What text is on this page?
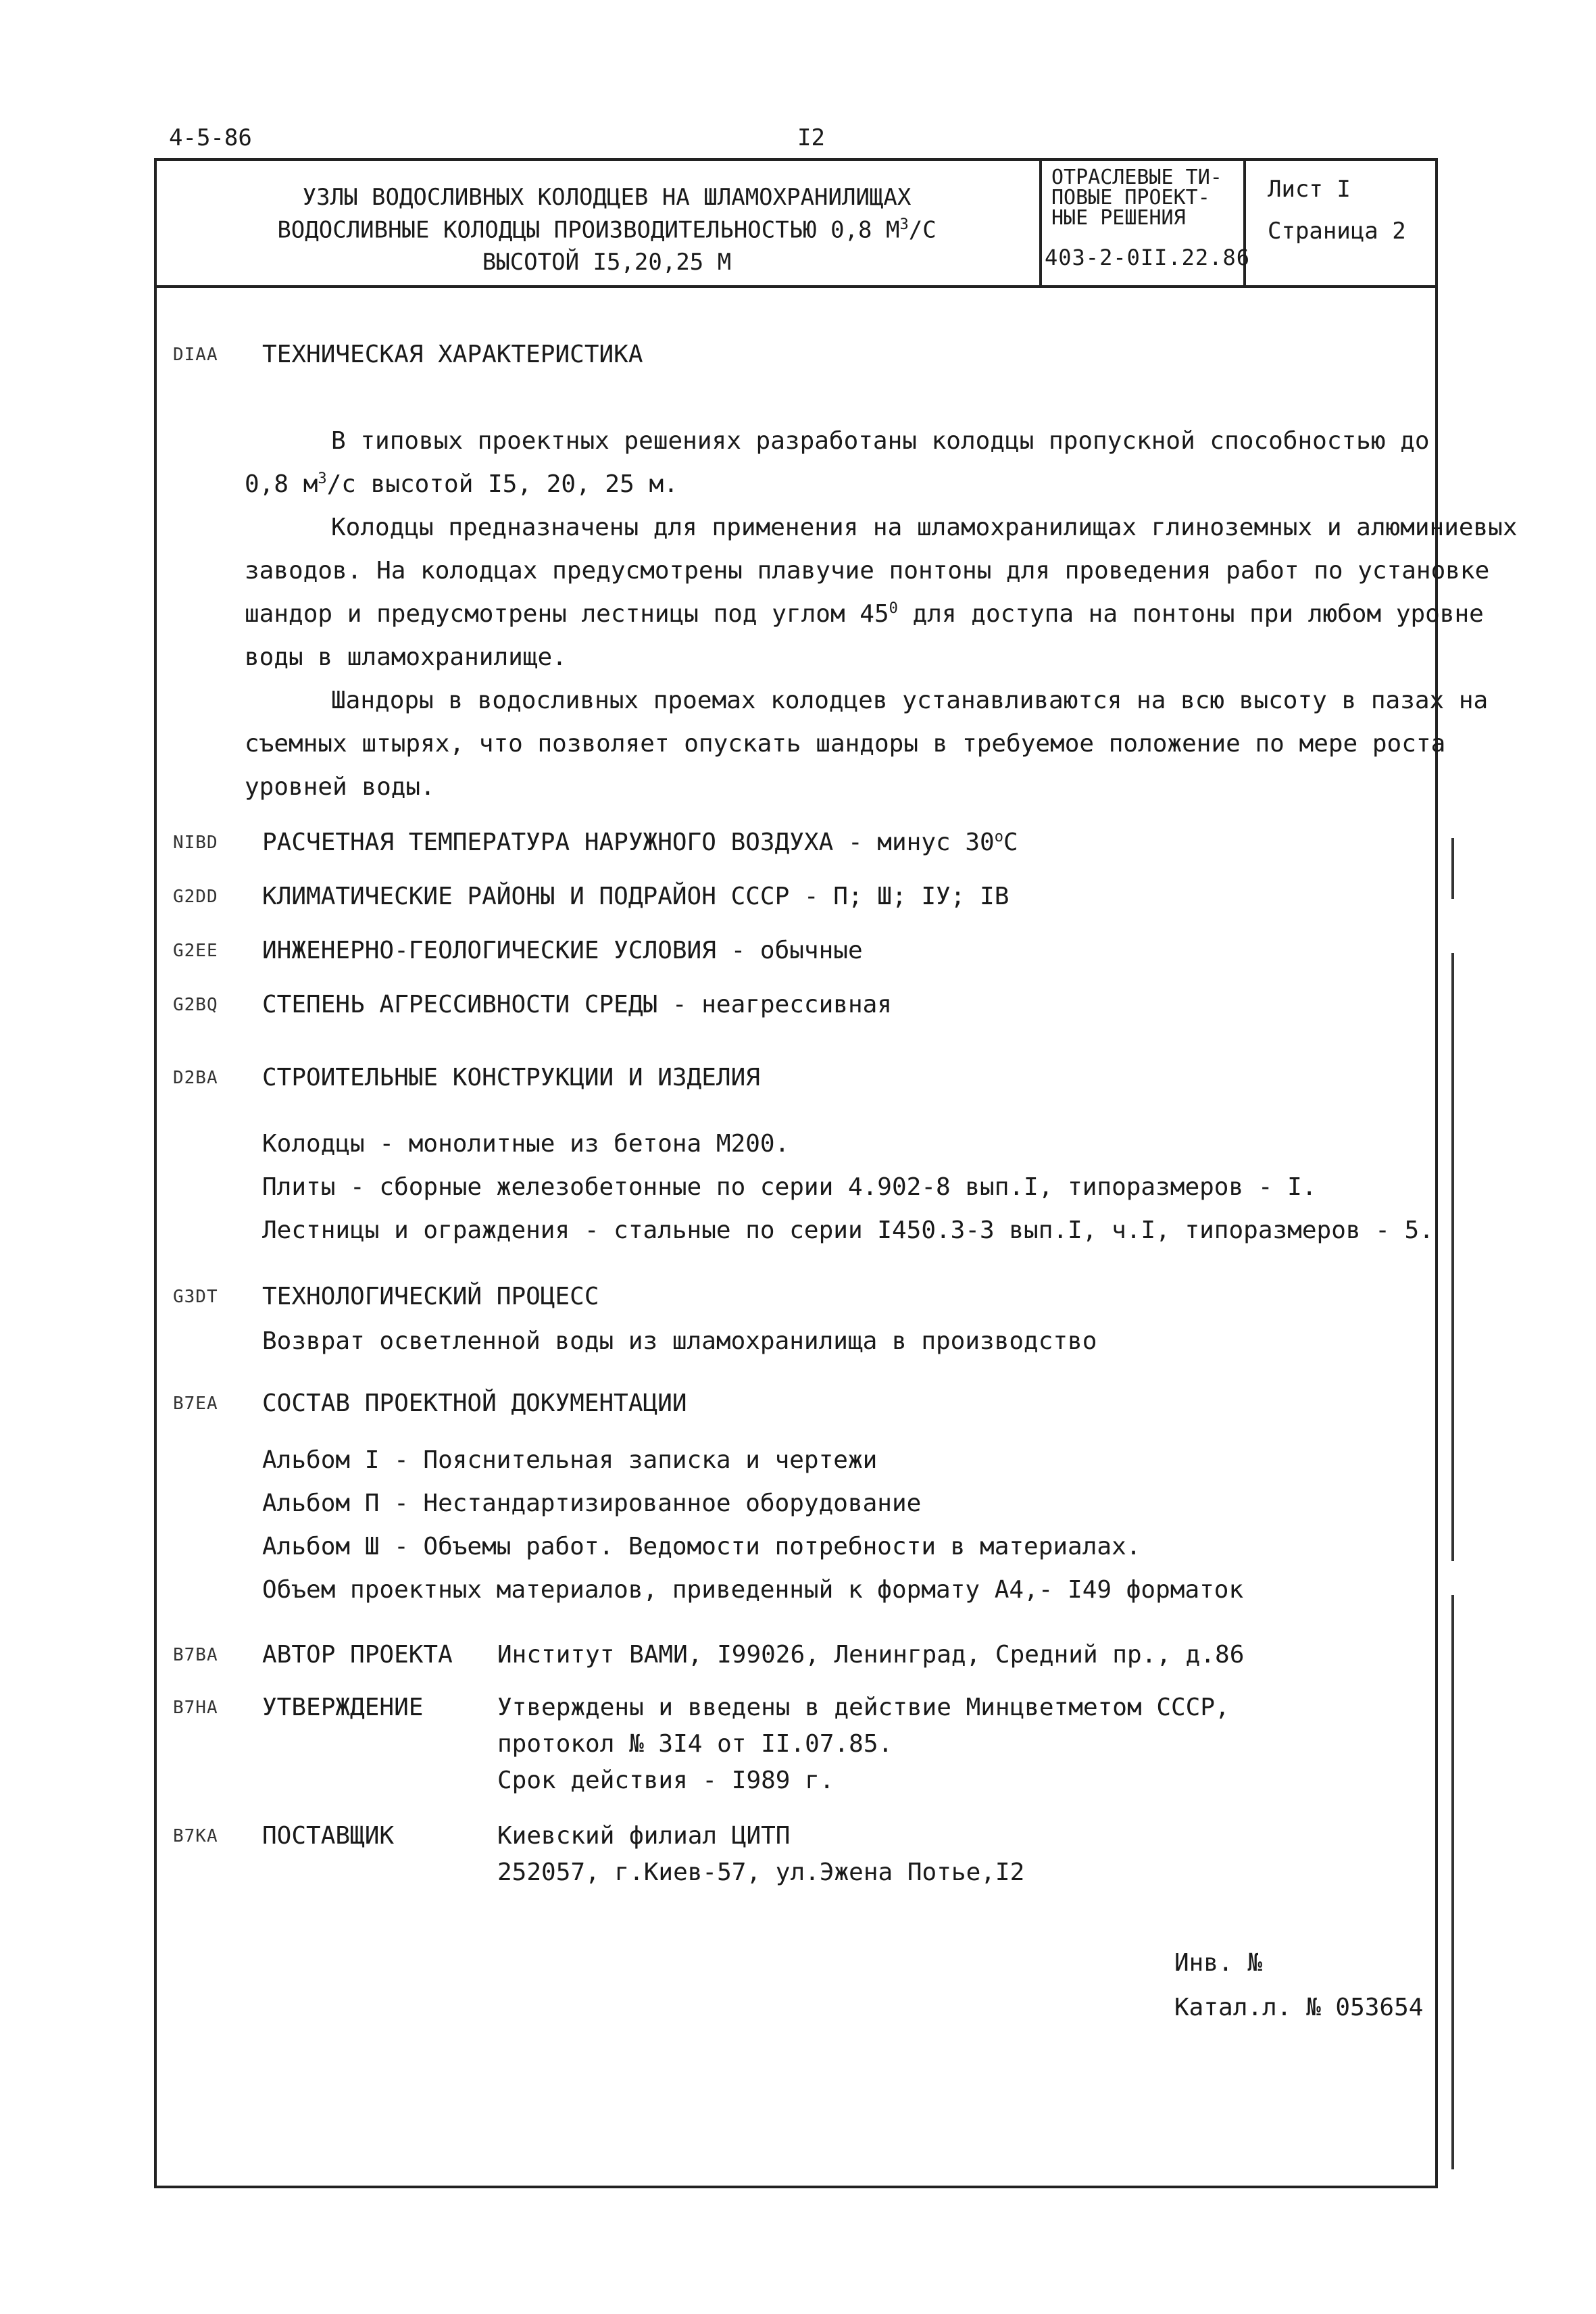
4-5-86	I2
УЗЛЫ ВОДОСЛИВНЫХ КОЛОДЦЕВ НА ШЛАМОХРАНИЛИЩАХ
ВОДОСЛИВНЫЕ КОЛОДЦЫ ПРОИЗВОДИТЕЛЬНОСТЬЮ 0,8 $М^3/С$
ВЫСОТОЙ I5,20,25 М
ОТРАСЛЕВЫЕ ТИ-
ПОВЫЕ ПРОЕКТ-
НЫЕ РЕШЕНИЯ
403-2-0II.22.86
Лист I
Страница 2
DIAA ТЕХНИЧЕСКАЯ ХАРАКТЕРИСТИКА
В типовых проектных решениях разработаны колодцы пропускной способностью до
0,8 $м^3/с$ высотой I5, 20, 25 м.
Колодцы предназначены для применения на шламохранилищах глиноземных и алюминиевых
заводов. На колодцах предусмотрены плавучие понтоны для проведения работ по установке
шандор и предусмотрены лестницы под углом $45^0$ для доступа на понтоны при любом уровне
воды в шламохранилище.
Шандоры в водосливных проемах колодцев устанавливаются на всю высоту в пазах на
съемных штырях, что позволяет опускать шандоры в требуемое положение по мере роста
уровней воды.
NIBD РАСЧЕТНАЯ ТЕМПЕРАТУРА НАРУЖНОГО ВОЗДУХА - минус $30^оС$
G2DD КЛИМАТИЧЕСКИЕ РАЙОНЫ И ПОДРАЙОН СССР - П; Ш; IУ; IВ
G2EE ИНЖЕНЕРНО-ГЕОЛОГИЧЕСКИЕ УСЛОВИЯ - обычные
G2BQ СТЕПЕНЬ АГРЕССИВНОСТИ СРЕДЫ - неагрессивная
D2BA СТРОИТЕЛЬНЫЕ КОНСТРУКЦИИ И ИЗДЕЛИЯ
Колодцы - монолитные из бетона М200.
Плиты - сборные железобетонные по серии 4.902-8 вып.I, типоразмеров - I.
Лестницы и ограждения - стальные по серии I450.3-3 вып.I, ч.I, типоразмеров - 5.
G3DT ТЕХНОЛОГИЧЕСКИЙ ПРОЦЕСС
Возврат осветленной воды из шламохранилища в производство
B7EA СОСТАВ ПРОЕКТНОЙ ДОКУМЕНТАЦИИ
Альбом I - Пояснительная записка и чертежи
Альбом П - Нестандартизированное оборудование
Альбом Ш - Объемы работ. Ведомости потребности в материалах.
Объем проектных материалов, приведенный к формату А4,- I49 форматок
B7BA АВТОР ПРОЕКТА Институт ВАМИ, I99026, Ленинград, Средний пр., д.86
B7HA УТВЕРЖДЕНИЕ	Утверждены и введены в действие Минцветметом СССР,
протокол № 3I4 от II.07.85.
Срок действия - I989 г.
B7KA ПОСТАВЩИК	Киевский филиал ЦИТП
252057, г.Киев-57, ул.Эжена Потье,I2
Инв. №
Катал.л. № 053654
